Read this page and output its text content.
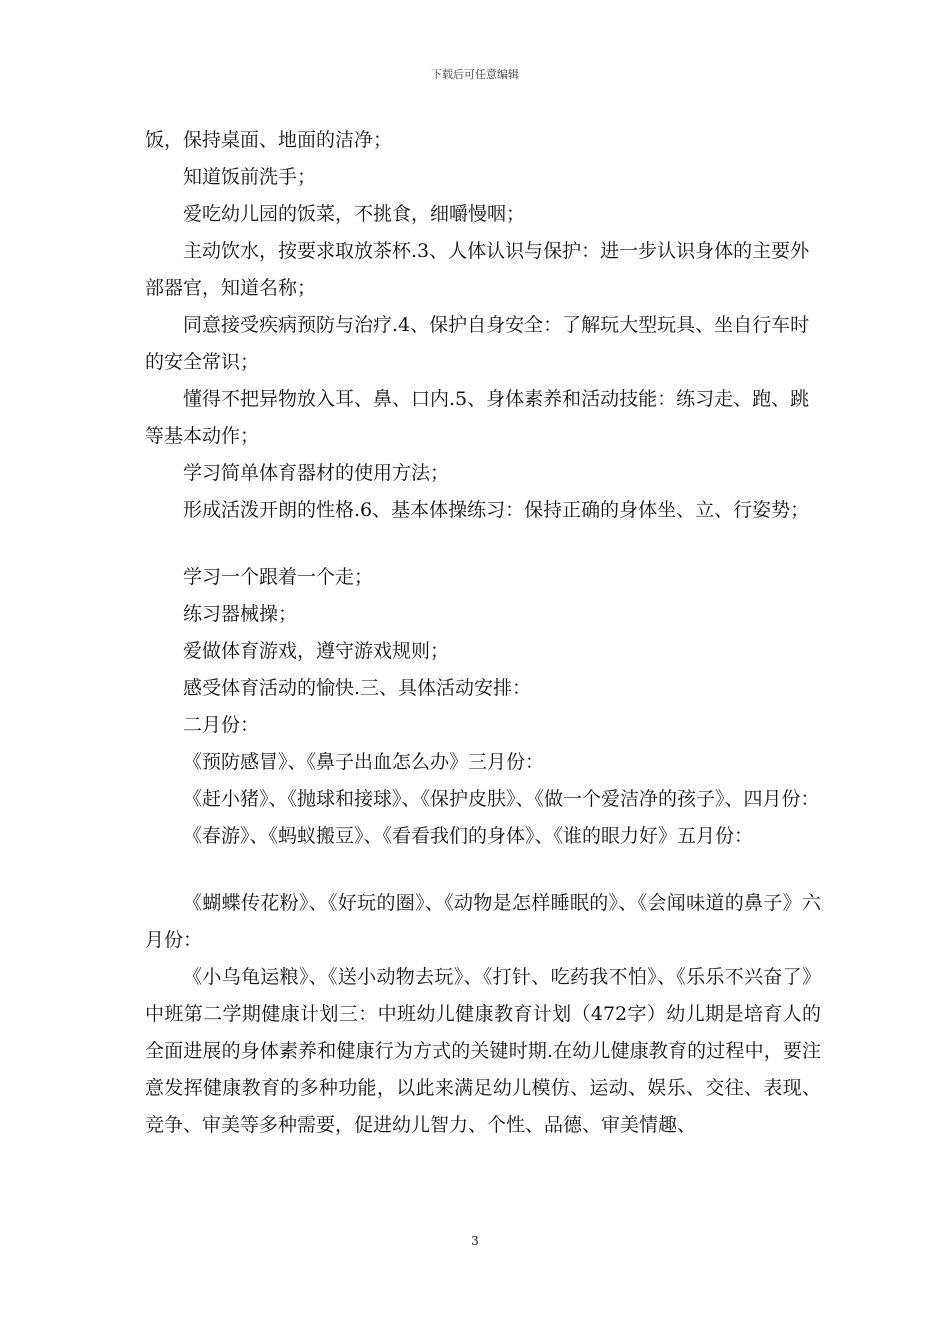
下载后可任意编辑

饭，保持桌面、地面的洁净；

知道饭前洗手；

爱吃幼儿园的饭菜，不挑食，细嚼慢咽；

主动饮水，按要求取放茶杯.3、人体认识与保护：进一步认识身体的主要外部器官，知道名称；

同意接受疾病预防与治疗.4、保护自身安全：了解玩大型玩具、坐自行车时的安全常识；

懂得不把异物放入耳、鼻、口内.5、身体素养和活动技能：练习走、跑、跳等基本动作；

学习简单体育器材的使用方法；

形成活泼开朗的性格.6、基本体操练习：保持正确的身体坐、立、行姿势；

学习一个跟着一个走；

练习器械操；

爱做体育游戏，遵守游戏规则；

感受体育活动的愉快.三、具体活动安排：

二月份：

《预防感冒》、《鼻子出血怎么办》三月份：

《赶小猪》、《抛球和接球》、《保护皮肤》、《做一个爱洁净的孩子》、四月份：

《春游》、《蚂蚁搬豆》、《看看我们的身体》、《谁的眼力好》五月份：

《蝴蝶传花粉》、《好玩的圈》、《动物是怎样睡眠的》、《会闻味道的鼻子》六月份：

《小乌龟运粮》、《送小动物去玩》、《打针、吃药我不怕》、《乐乐不兴奋了》中班第二学期健康计划三：中班幼儿健康教育计划（472字）幼儿期是培育人的全面进展的身体素养和健康行为方式的关键时期.在幼儿健康教育的过程中，要注意发挥健康教育的多种功能，以此来满足幼儿模仿、运动、娱乐、交往、表现、竞争、审美等多种需要，促进幼儿智力、个性、品德、审美情趣、

3
